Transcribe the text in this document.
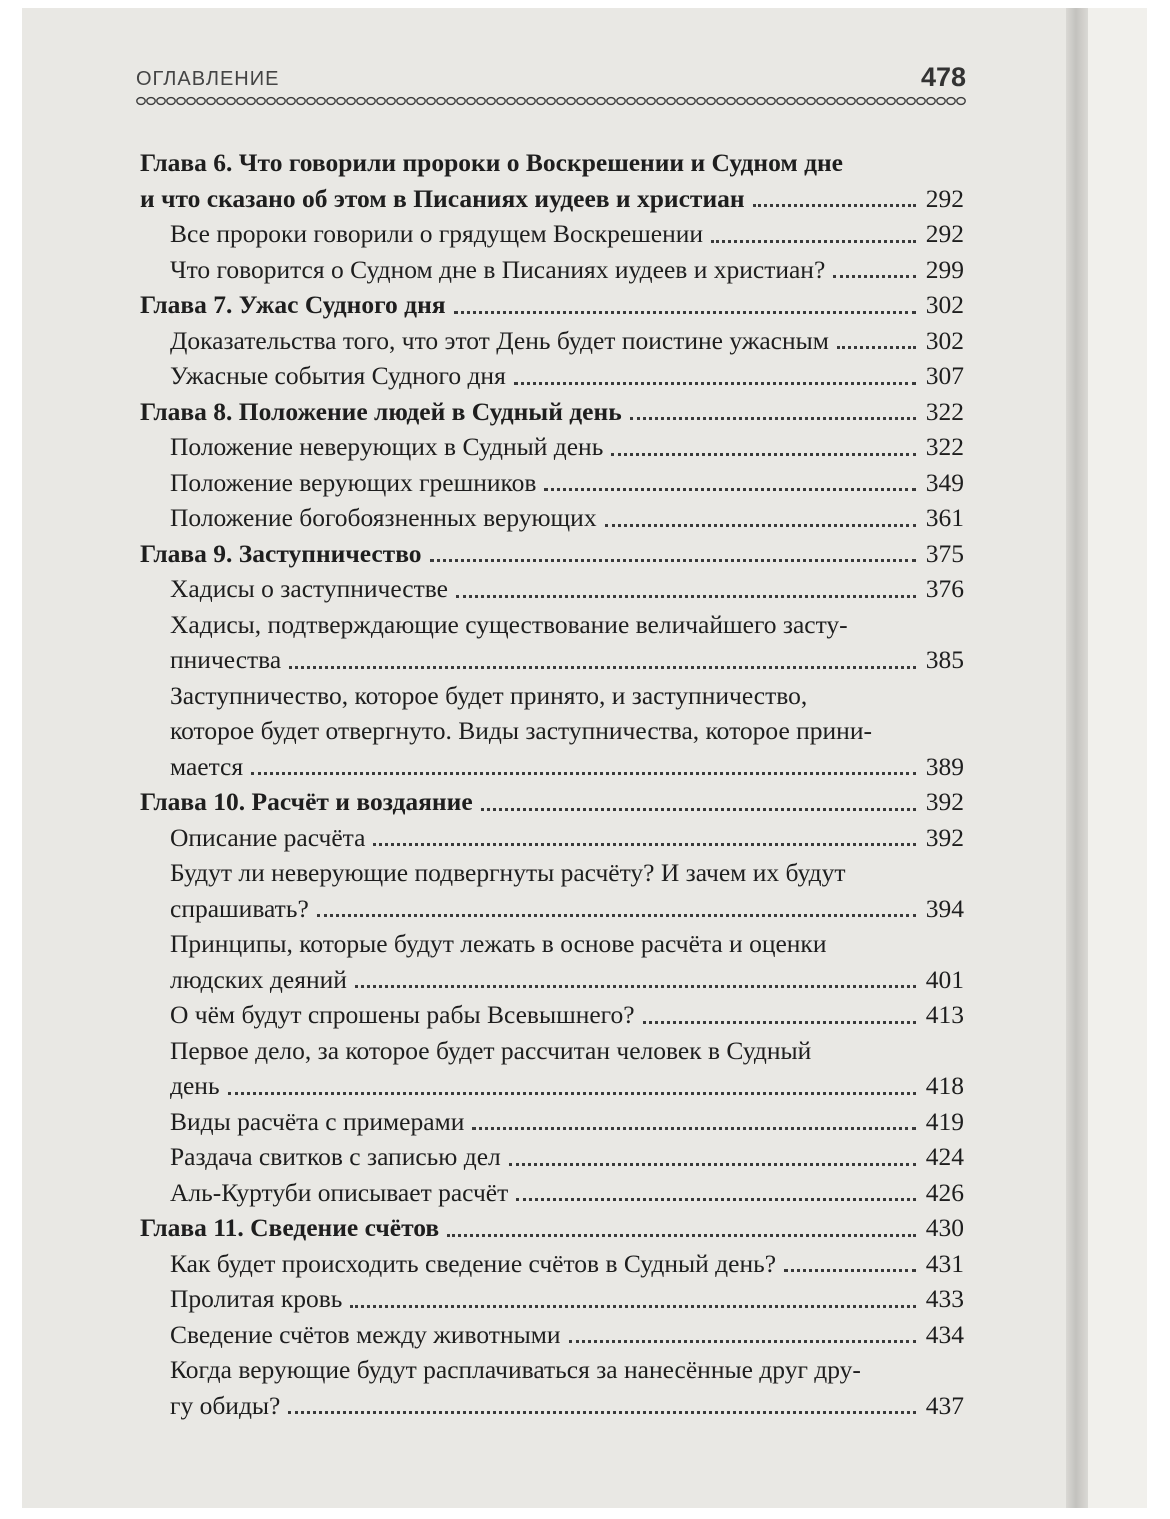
ОГЛАВЛЕНИЕ	478
Глава 6. Что говорили пророки о Воскрешении и Судном дне
и что сказано об этом в Писаниях иудеев и христиан	292
Все пророки говорили о грядущем Воскрешении	292
Что говорится о Судном дне в Писаниях иудеев и христиан?	299
Глава 7. Ужас Судного дня	302
Доказательства того, что этот День будет поистине ужасным	302
Ужасные события Судного дня	307
Глава 8. Положение людей в Судный день	322
Положение неверующих в Судный день	322
Положение верующих грешников	349
Положение богобоязненных верующих	361
Глава 9. Заступничество	375
Хадисы о заступничестве	376
Хадисы, подтверждающие существование величайшего засту-
пничества	385
Заступничество, которое будет принято, и заступничество,
которое будет отвергнуто. Виды заступничества, которое прини-
мается	389
Глава 10. Расчёт и воздаяние	392
Описание расчёта	392
Будут ли неверующие подвергнуты расчёту? И зачем их будут
спрашивать?	394
Принципы, которые будут лежать в основе расчёта и оценки
людских деяний	401
О чём будут спрошены рабы Всевышнего?	413
Первое дело, за которое будет рассчитан человек в Судный
день	418
Виды расчёта с примерами	419
Раздача свитков с записью дел	424
Аль-Куртуби описывает расчёт	426
Глава 11. Сведение счётов	430
Как будет происходить сведение счётов в Судный день?	431
Пролитая кровь	433
Сведение счётов между животными	434
Когда верующие будут расплачиваться за нанесённые друг дру-
гу обиды?	437
